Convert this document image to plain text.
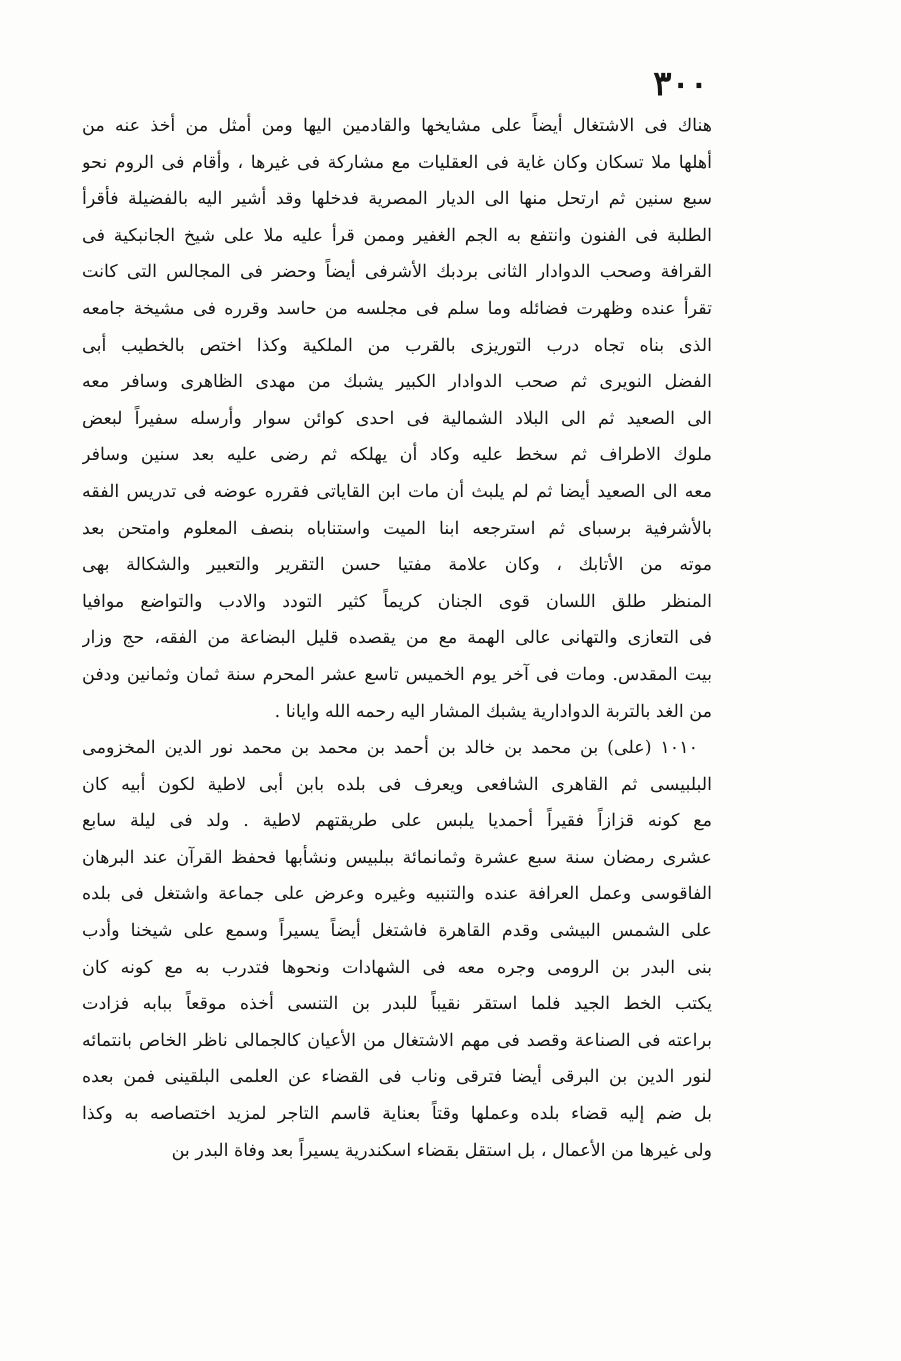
٣٠٠
هناك فى الاشتغال أيضاً على مشايخها والقادمين اليها ومن أمثل من أخذ عنه من
أهلها ملا تسكان وكان غاية فى العقليات مع مشاركة فى غيرها ، وأقام فى الروم نحو
سبع سنين ثم ارتحل منها الى الديار المصرية فدخلها وقد أشير اليه بالفضيلة فأقرأ
الطلبة فى الفنون وانتفع به الجم الغفير وممن قرأ عليه ملا على شيخ الجانبكية فى
القرافة وصحب الدوادار الثانى بردبك الأشرفى أيضاً وحضر فى المجالس التى كانت
تقرأ عنده وظهرت فضائله وما سلم فى مجلسه من حاسد وقرره فى مشيخة جامعه
الذى بناه تجاه درب التوريزى بالقرب من الملكية وكذا اختص بالخطيب أبى
الفضل النويرى ثم صحب الدوادار الكبير يشبك من مهدى الظاهرى وسافر معه
الى الصعيد ثم الى البلاد الشمالية فى احدى كوائن سوار وأرسله سفيراً لبعض
ملوك الاطراف ثم سخط عليه وكاد أن يهلكه ثم رضى عليه بعد سنين وسافر
معه الى الصعيد أيضا ثم لم يلبث أن مات ابن القاياتى فقرره عوضه فى تدريس الفقه
بالأشرفية برسباى ثم استرجعه ابنا الميت واستناباه بنصف المعلوم وامتحن بعد
موته من الأتابك ، وكان علامة مفتيا حسن التقرير والتعبير والشكالة بهى
المنظر طلق اللسان قوى الجنان كريماً كثير التودد والادب والتواضع موافيا
فى التعازى والتهانى عالى الهمة مع من يقصده قليل البضاعة من الفقه، حج وزار
بيت المقدس. ومات فى آخر يوم الخميس تاسع عشر المحرم سنة ثمان وثمانين ودفن
من الغد بالتربة الدوادارية يشبك المشار اليه رحمه الله وايانا .
١٠١٠ (على) بن محمد بن خالد بن أحمد بن محمد بن محمد نور الدين المخزومى
البلبيسى ثم القاهرى الشافعى ويعرف فى بلده بابن أبى لاطية لكون أبيه كان
مع كونه قزازاً فقيراً أحمديا يلبس على طريقتهم لاطية . ولد فى ليلة سابع
عشرى رمضان سنة سبع عشرة وثمانمائة ببلبيس ونشأبها فحفظ القرآن عند البرهان
الفاقوسى وعمل العرافة عنده والتنبيه وغيره وعرض على جماعة واشتغل فى بلده
على الشمس البيشى وقدم القاهرة فاشتغل أيضاً يسيراً وسمع على شيخنا وأدب
بنى البدر بن الرومى وجره معه فى الشهادات ونحوها فتدرب به مع كونه كان
يكتب الخط الجيد فلما استقر نقيباً للبدر بن التنسى أخذه موقعاً ببابه فزادت
براعته فى الصناعة وقصد فى مهم الاشتغال من الأعيان كالجمالى ناظر الخاص بانتمائه
لنور الدين بن البرقى أيضا فترقى وناب فى القضاء عن العلمى البلقينى فمن بعده
بل ضم إليه قضاء بلده وعملها وقتاً بعناية قاسم التاجر لمزيد اختصاصه به وكذا
ولى غيرها من الأعمال ، بل استقل بقضاء اسكندرية يسيراً بعد وفاة البدر بن
